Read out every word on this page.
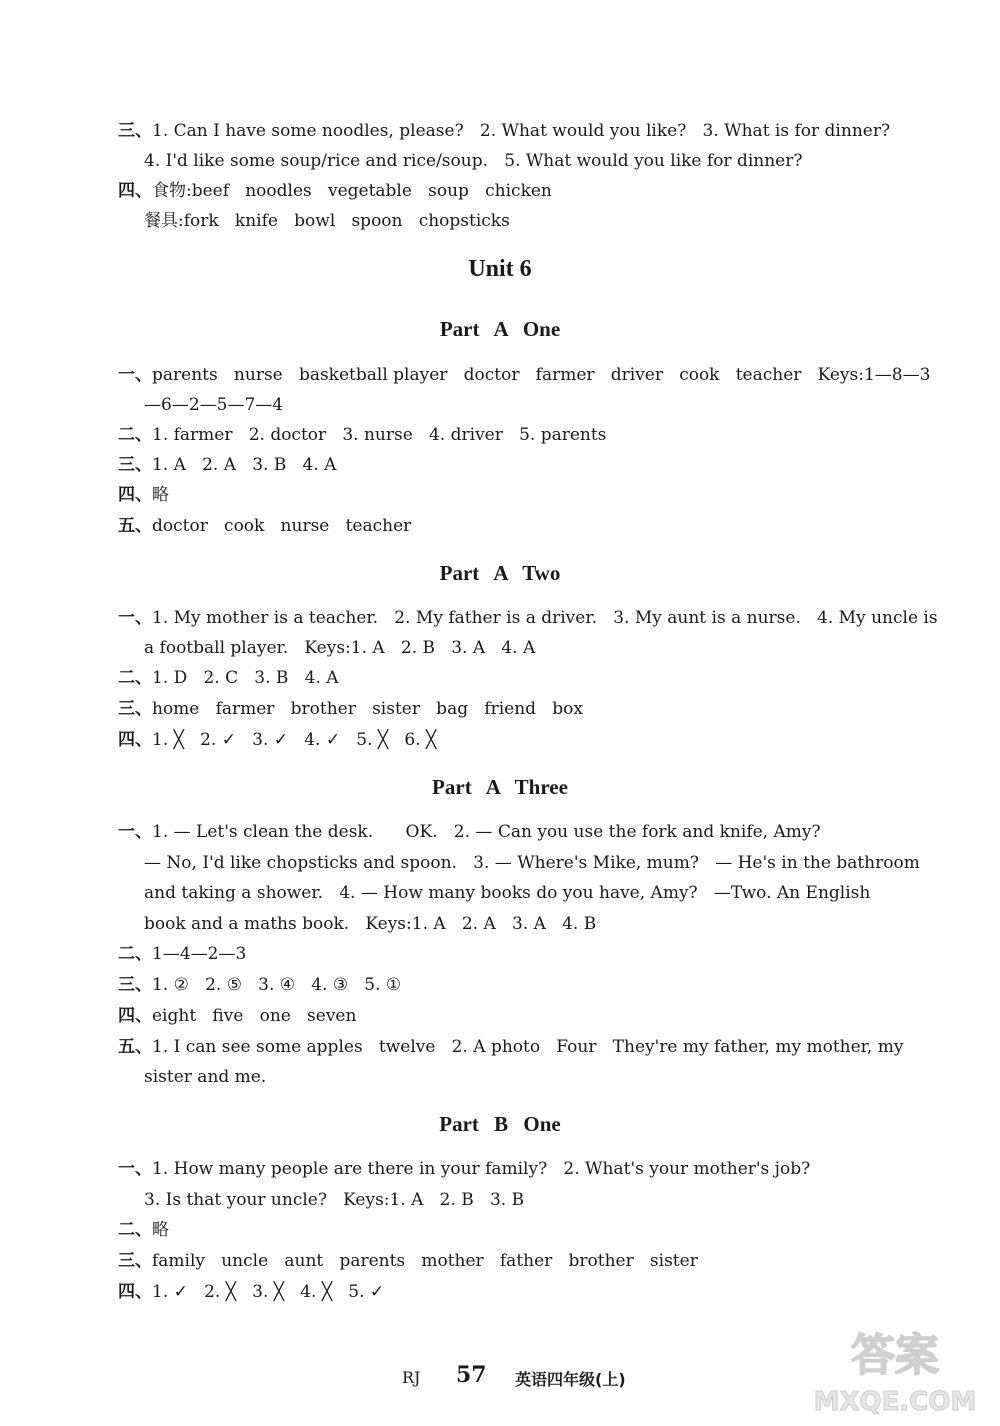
三、1. Can I have some noodles, please?   2. What would you like?   3. What is for dinner?
4. I'd like some soup/rice and rice/soup.   5. What would you like for dinner?
四、食物:beef   noodles   vegetable   soup   chicken
餐具:fork   knife   bowl   spoon   chopsticks
一、parents   nurse   basketball player   doctor   farmer   driver   cook   teacher   Keys:1—8—3
—6—2—5—7—4
二、1. farmer   2. doctor   3. nurse   4. driver   5. parents
三、1. A   2. A   3. B   4. A
四、略
五、doctor   cook   nurse   teacher
一、1. My mother is a teacher.   2. My father is a driver.   3. My aunt is a nurse.   4. My uncle is
a football player.   Keys:1. A   2. B   3. A   4. A
二、1. D   2. C   3. B   4. A
三、home   farmer   brother   sister   bag   friend   box
四、1. ╳   2. ✓   3. ✓   4. ✓   5. ╳   6. ╳
一、1. — Let's clean the desk.      OK.   2. — Can you use the fork and knife, Amy?
— No, I'd like chopsticks and spoon.   3. — Where's Mike, mum?   — He's in the bathroom
and taking a shower.   4. — How many books do you have, Amy?   —Two. An English
book and a maths book.   Keys:1. A   2. A   3. A   4. B
二、1—4—2—3
三、1. ②   2. ⑤   3. ④   4. ③   5. ①
四、eight   five   one   seven
五、1. I can see some apples   twelve   2. A photo   Four   They're my father, my mother, my
sister and me.
一、1. How many people are there in your family?   2. What's your mother's job?
3. Is that your uncle?   Keys:1. A   2. B   3. B
二、略
三、family   uncle   aunt   parents   mother   father   brother   sister
四、1. ✓   2. ╳   3. ╳   4. ╳   5. ✓
Unit 6
Part A One
Part A Two
Part A Three
Part B One
RJ 57 英语四年级(上)	答案
MXQE.COM
